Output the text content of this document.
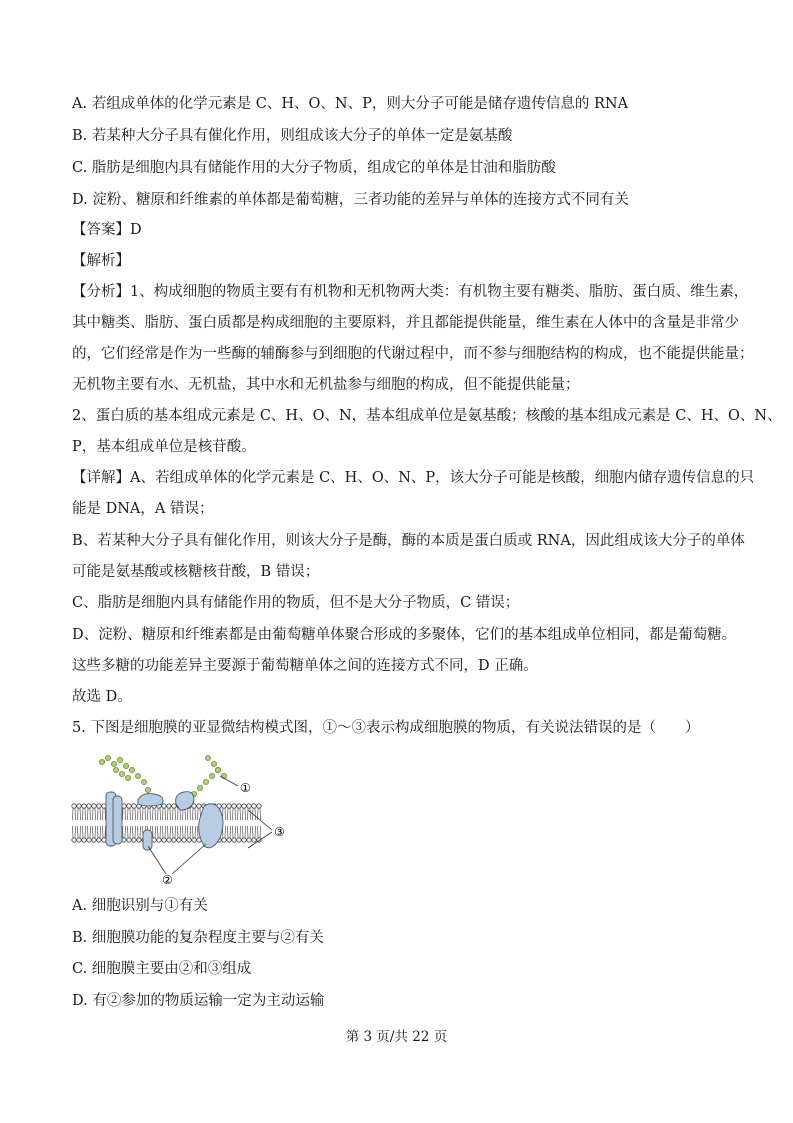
A. 若组成单体的化学元素是 C、H、O、N、P，则大分子可能是储存遗传信息的 RNA
B. 若某种大分子具有催化作用，则组成该大分子的单体一定是氨基酸
C. 脂肪是细胞内具有储能作用的大分子物质，组成它的单体是甘油和脂肪酸
D. 淀粉、糖原和纤维素的单体都是葡萄糖，三者功能的差异与单体的连接方式不同有关
【答案】D
【解析】
【分析】1、构成细胞的物质主要有有机物和无机物两大类：有机物主要有糖类、脂肪、蛋白质、维生素，
其中糖类、脂肪、蛋白质都是构成细胞的主要原料，并且都能提供能量，维生素在人体中的含量是非常少
的，它们经常是作为一些酶的辅酶参与到细胞的代谢过程中，而不参与细胞结构的构成，也不能提供能量；
无机物主要有水、无机盐，其中水和无机盐参与细胞的构成，但不能提供能量；
2、蛋白质的基本组成元素是 C、H、O、N，基本组成单位是氨基酸；核酸的基本组成元素是 C、H、O、N、
P，基本组成单位是核苷酸。
【详解】A、若组成单体的化学元素是 C、H、O、N、P，该大分子可能是核酸，细胞内储存遗传信息的只
能是 DNA，A 错误；
B、若某种大分子具有催化作用，则该大分子是酶，酶的本质是蛋白质或 RNA，因此组成该大分子的单体
可能是氨基酸或核糖核苷酸，B 错误；
C、脂肪是细胞内具有储能作用的物质，但不是大分子物质，C 错误；
D、淀粉、糖原和纤维素都是由葡萄糖单体聚合形成的多聚体，它们的基本组成单位相同，都是葡萄糖。
这些多糖的功能差异主要源于葡萄糖单体之间的连接方式不同，D 正确。
故选 D。
5. 下图是细胞膜的亚显微结构模式图，①～③表示构成细胞膜的物质，有关说法错误的是（　　）
①
②
③
A. 细胞识别与①有关
B. 细胞膜功能的复杂程度主要与②有关
C. 细胞膜主要由②和③组成
D. 有②参加的物质运输一定为主动运输
第 3 页/共 22 页
